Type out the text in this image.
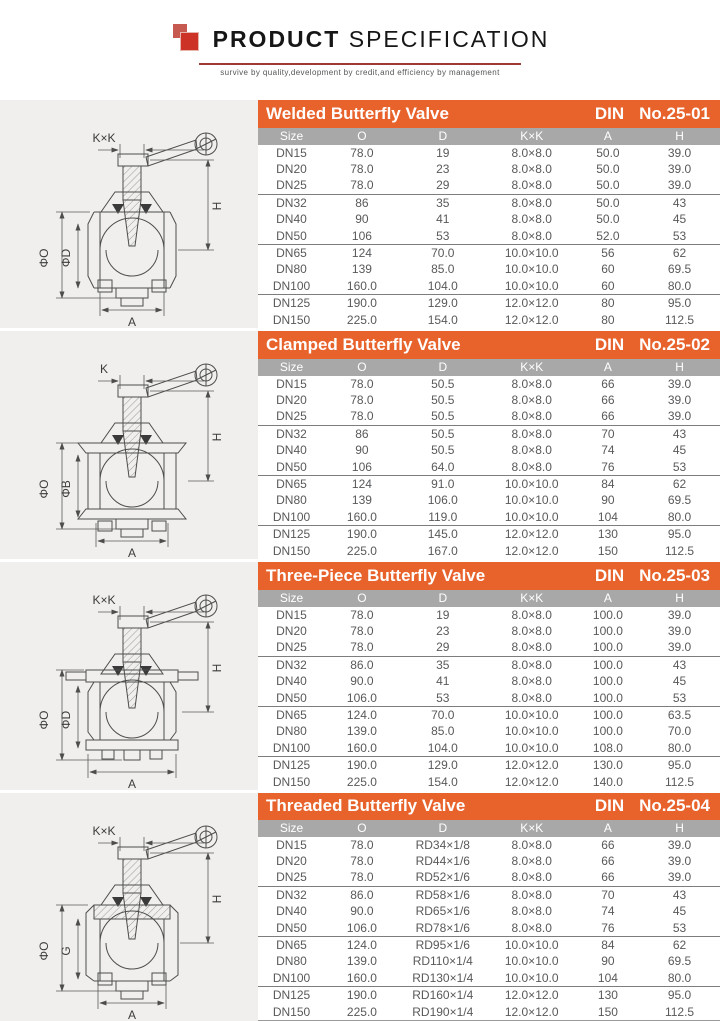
PRODUCT SPECIFICATION
survive by quality,development by credit,and efficiency by management
K×K
ΦO ΦD
H
A
Welded Butterfly Valve	DIN No.25-01
Size	O	D	K×K	A	H
DN15	78.0	19	8.0×8.0	50.0	39.0
DN20	78.0	23	8.0×8.0	50.0	39.0
DN25	78.0	29	8.0×8.0	50.0	39.0
DN32	86	35	8.0×8.0	50.0	43
DN40	90	41	8.0×8.0	50.0	45
DN50	106	53	8.0×8.0	52.0	53
DN65	124	70.0	10.0×10.0	56	62
DN80	139	85.0	10.0×10.0	60	69.5
DN100	160.0	104.0	10.0×10.0	60	80.0
DN125	190.0	129.0	12.0×12.0	80	95.0
DN150	225.0	154.0	12.0×12.0	80	112.5
K
ΦO ΦB
H
A
Clamped Butterfly Valve	DIN No.25-02
Size	O	D	K×K	A	H
DN15	78.0	50.5	8.0×8.0	66	39.0
DN20	78.0	50.5	8.0×8.0	66	39.0
DN25	78.0	50.5	8.0×8.0	66	39.0
DN32	86	50.5	8.0×8.0	70	43
DN40	90	50.5	8.0×8.0	74	45
DN50	106	64.0	8.0×8.0	76	53
DN65	124	91.0	10.0×10.0	84	62
DN80	139	106.0	10.0×10.0	90	69.5
DN100	160.0	119.0	10.0×10.0	104	80.0
DN125	190.0	145.0	12.0×12.0	130	95.0
DN150	225.0	167.0	12.0×12.0	150	112.5
K×K
ΦO ΦD
H
A
Three-Piece Butterfly Valve	DIN No.25-03
Size	O	D	K×K	A	H
DN15	78.0	19	8.0×8.0	100.0	39.0
DN20	78.0	23	8.0×8.0	100.0	39.0
DN25	78.0	29	8.0×8.0	100.0	39.0
DN32	86.0	35	8.0×8.0	100.0	43
DN40	90.0	41	8.0×8.0	100.0	45
DN50	106.0	53	8.0×8.0	100.0	53
DN65	124.0	70.0	10.0×10.0	100.0	63.5
DN80	139.0	85.0	10.0×10.0	100.0	70.0
DN100	160.0	104.0	10.0×10.0	108.0	80.0
DN125	190.0	129.0	12.0×12.0	130.0	95.0
DN150	225.0	154.0	12.0×12.0	140.0	112.5
K×K
ΦO G
H
A
Threaded Butterfly Valve	DIN No.25-04
Size	O	D	K×K	A	H
DN15	78.0	RD34×1/8	8.0×8.0	66	39.0
DN20	78.0	RD44×1/6	8.0×8.0	66	39.0
DN25	78.0	RD52×1/6	8.0×8.0	66	39.0
DN32	86.0	RD58×1/6	8.0×8.0	70	43
DN40	90.0	RD65×1/6	8.0×8.0	74	45
DN50	106.0	RD78×1/6	8.0×8.0	76	53
DN65	124.0	RD95×1/6	10.0×10.0	84	62
DN80	139.0	RD110×1/4	10.0×10.0	90	69.5
DN100	160.0	RD130×1/4	10.0×10.0	104	80.0
DN125	190.0	RD160×1/4	12.0×12.0	130	95.0
DN150	225.0	RD190×1/4	12.0×12.0	150	112.5
